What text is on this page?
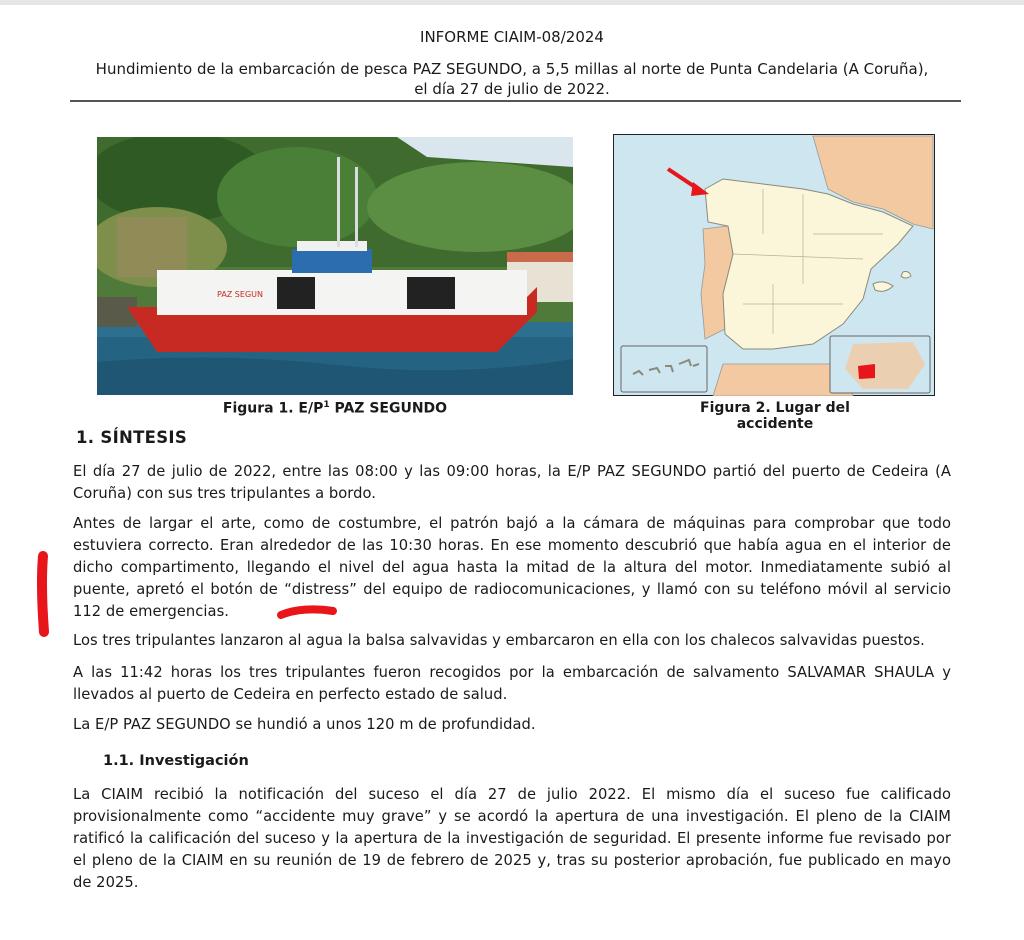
INFORME CIAIM-08/2024
Hundimiento de la embarcación de pesca PAZ SEGUNDO, a 5,5 millas al norte de Punta Candelaria (A Coruña),
el día 27 de julio de 2022.
PAZ SEGUN
Figura 1. $E/P^1$ PAZ SEGUNDO	Figura 2. Lugar del accidente
1. SÍNTESIS
El día 27 de julio de 2022, entre las 08:00 y las 09:00 horas, la E/P PAZ SEGUNDO partió del puerto de Cedeira (A Coruña) con sus tres tripulantes a bordo.
Antes de largar el arte, como de costumbre, el patrón bajó a la cámara de máquinas para comprobar que todo estuviera correcto. Eran alrededor de las 10:30 horas. En ese momento descubrió que había agua en el interior de dicho compartimento, llegando el nivel del agua hasta la mitad de la altura del motor. Inmediatamente subió al puente, apretó el botón de “distress” del equipo de radiocomunicaciones, y llamó con su teléfono móvil al servicio 112 de emergencias.
Los tres tripulantes lanzaron al agua la balsa salvavidas y embarcaron en ella con los chalecos salvavidas puestos.
A las 11:42 horas los tres tripulantes fueron recogidos por la embarcación de salvamento SALVAMAR SHAULA y llevados al puerto de Cedeira en perfecto estado de salud.
La E/P PAZ SEGUNDO se hundió a unos 120 m de profundidad.
1.1. Investigación
La CIAIM recibió la notificación del suceso el día 27 de julio 2022. El mismo día el suceso fue calificado provisionalmente como “accidente muy grave” y se acordó la apertura de una investigación. El pleno de la CIAIM ratificó la calificación del suceso y la apertura de la investigación de seguridad. El presente informe fue revisado por el pleno de la CIAIM en su reunión de 19 de febrero de 2025 y, tras su posterior aprobación, fue publicado en mayo de 2025.
